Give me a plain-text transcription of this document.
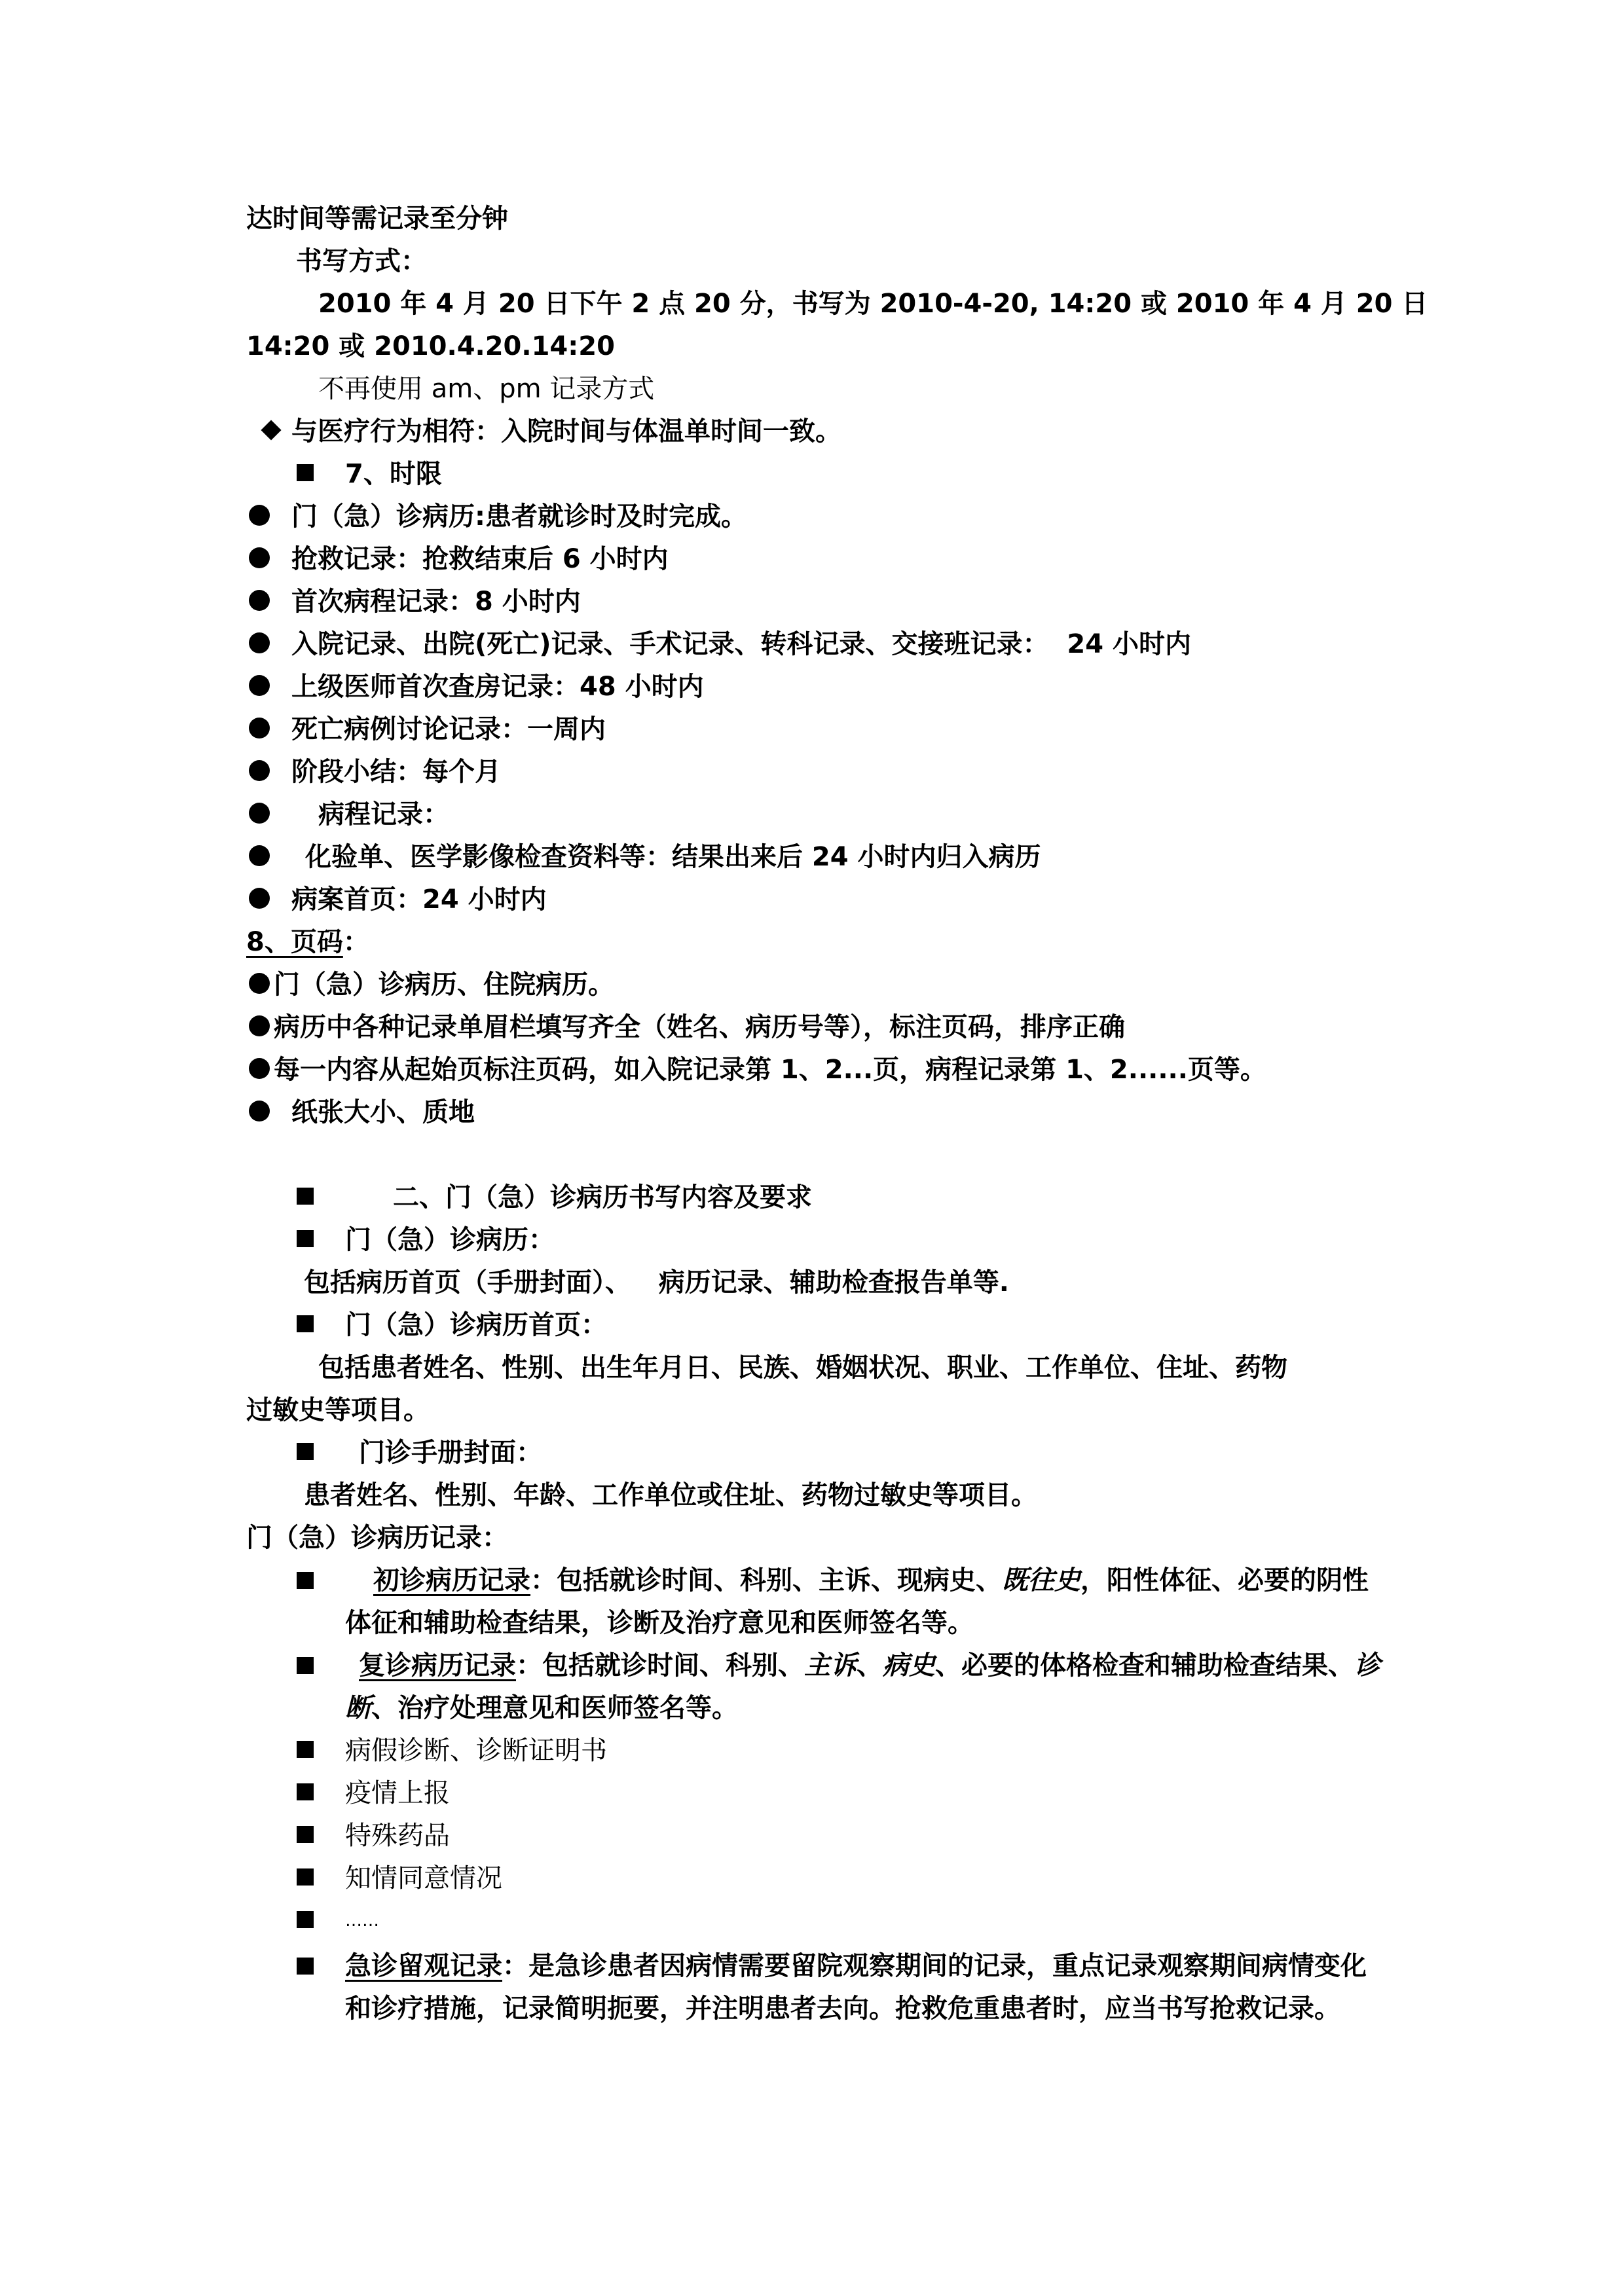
达时间等需记录至分钟
书写方式：
2010 年 4 月 20 日下午 2 点 20 分，书写为 2010-4-20, 14:20 或 2010 年 4 月 20 日
14:20 或 2010.4.20.14:20
不再使用 am、pm 记录方式
与医疗行为相符：入院时间与体温单时间一致。
7、时限
门（急）诊病历:患者就诊时及时完成。
抢救记录：抢救结束后 6 小时内
首次病程记录：8 小时内
入院记录、出院(死亡)记录、手术记录、转科记录、交接班记录：  24 小时内
上级医师首次查房记录：48 小时内
死亡病例讨论记录：一周内
阶段小结：每个月
病程记录：
化验单、医学影像检查资料等：结果出来后 24 小时内归入病历
病案首页：24 小时内
8、页码：
门（急）诊病历、住院病历。
病历中各种记录单眉栏填写齐全（姓名、病历号等），标注页码，排序正确
每一内容从起始页标注页码，如入院记录第 1、2...页，病程记录第 1、2......页等。
纸张大小、质地
二、门（急）诊病历书写内容及要求
门（急）诊病历：
包括病历首页（手册封面）、   病历记录、辅助检查报告单等.
门（急）诊病历首页：
包括患者姓名、性别、出生年月日、民族、婚姻状况、职业、工作单位、住址、药物
过敏史等项目。
门诊手册封面：
患者姓名、性别、年龄、工作单位或住址、药物过敏史等项目。
门（急）诊病历记录：
初诊病历记录：包括就诊时间、科别、主诉、现病史、既往史，阳性体征、必要的阴性体征和辅助检查结果，诊断及治疗意见和医师签名等。
复诊病历记录：包括就诊时间、科别、主诉、病史、必要的体格检查和辅助检查结果、诊断、治疗处理意见和医师签名等。
病假诊断、诊断证明书
疫情上报
特殊药品
知情同意情况
……
急诊留观记录：是急诊患者因病情需要留院观察期间的记录，重点记录观察期间病情变化和诊疗措施，记录简明扼要，并注明患者去向。抢救危重患者时，应当书写抢救记录。
